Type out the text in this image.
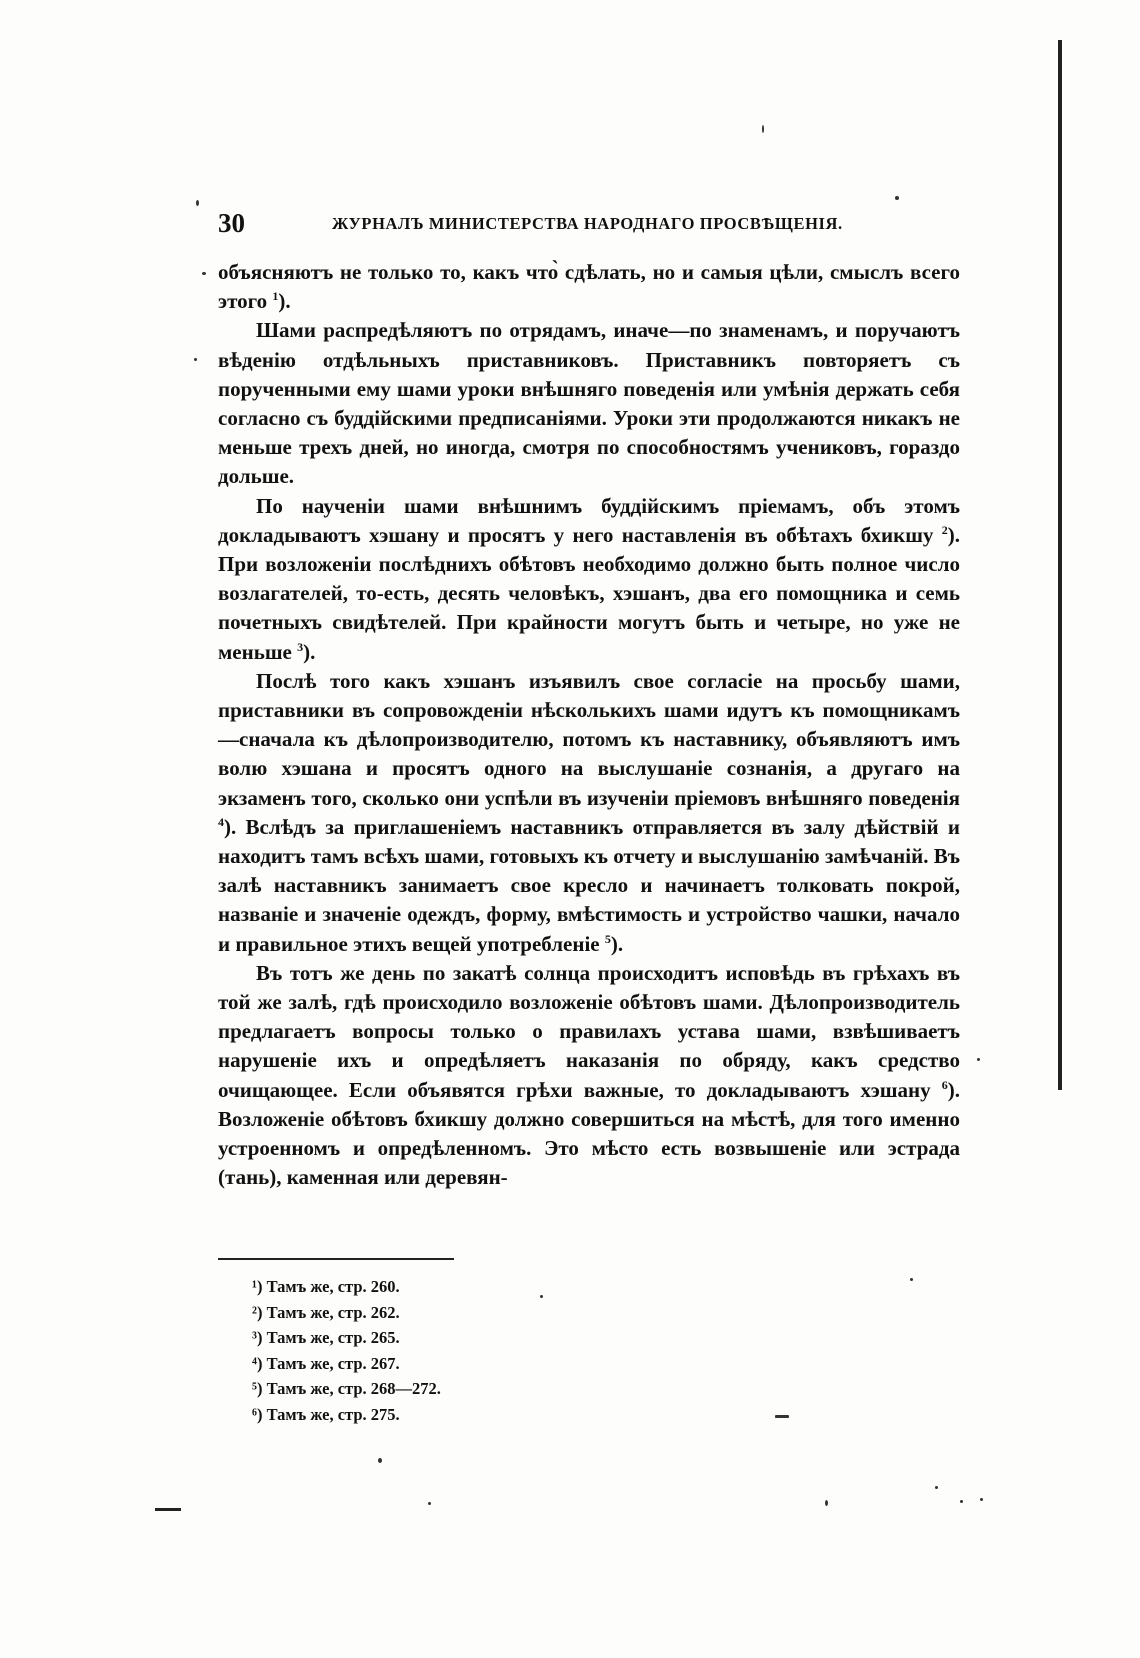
30	ЖУРНАЛЪ МИНИСТЕРСТВА НАРОДНАГО ПРОСВѢЩЕНІЯ.

объясняютъ не только то, какъ что̀ сдѣлать, но и самыя цѣли, смыслъ всего этого $^1$).

Шами распредѣляютъ по отрядамъ, иначе—по знаменамъ, и поручаютъ вѣденію отдѣльныхъ приставниковъ. Приставникъ повторяетъ съ порученными ему шами уроки внѣшняго поведенія или умѣнія держать себя согласно съ буддійскими предписаніями. Уроки эти продолжаются никакъ не меньше трехъ дней, но иногда, смотря по способностямъ учениковъ, гораздо дольше.

По наученіи шами внѣшнимъ буддійскимъ пріемамъ, объ этомъ докладываютъ хэшану и просятъ у него наставленія въ обѣтахъ бхикшу $^2$). При возложеніи послѣднихъ обѣтовъ необходимо должно быть полное число возлагателей, то-есть, десять человѣкъ, хэшанъ, два его помощника и семь почетныхъ свидѣтелей. При крайности могутъ быть и четыре, но уже не меньше $^3$).

Послѣ того какъ хэшанъ изъявилъ свое согласіе на просьбу шами, приставники въ сопровожденіи нѣсколькихъ шами идутъ къ помощникамъ—сначала къ дѣлопроизводителю, потомъ къ наставнику, объявляютъ имъ волю хэшана и просятъ одного на выслушаніе сознанія, а другаго на экзаменъ того, сколько они успѣли въ изученіи пріемовъ внѣшняго поведенія $^4$). Вслѣдъ за приглашеніемъ наставникъ отправляется въ залу дѣйствій и находитъ тамъ всѣхъ шами, готовыхъ къ отчету и выслушанію замѣчаній. Въ залѣ наставникъ занимаетъ свое кресло и начинаетъ толковать покрой, названіе и значеніе одеждъ, форму, вмѣстимость и устройство чашки, начало и правильное этихъ вещей употребленіе $^5$).

Въ тотъ же день по закатѣ солнца происходитъ исповѣдь въ грѣхахъ въ той же залѣ, гдѣ происходило возложеніе обѣтовъ шами. Дѣлопроизводитель предлагаетъ вопросы только о правилахъ устава шами, взвѣшиваетъ нарушеніе ихъ и опредѣляетъ наказанія по обряду, какъ средство очищающее. Если объявятся грѣхи важные, то докладываютъ хэшану $^6$). Возложеніе обѣтовъ бхикшу должно совершиться на мѣстѣ, для того именно устроенномъ и опредѣленномъ. Это мѣсто есть возвышеніе или эстрада (тань), каменная или деревян-

¹) Тамъ же, стр. 260.
²) Тамъ же, стр. 262.
³) Тамъ же, стр. 265.
⁴) Тамъ же, стр. 267.
⁵) Тамъ же, стр. 268—272.
⁶) Тамъ же, стр. 275.
